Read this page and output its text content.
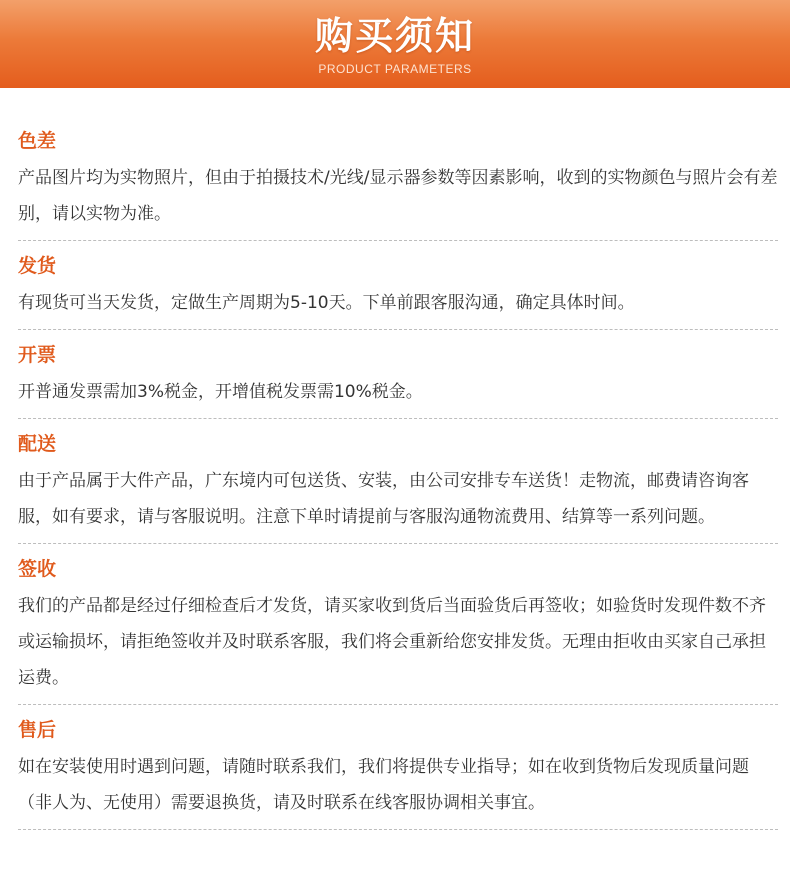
购买须知
PRODUCT PARAMETERS
色差
产品图片均为实物照片，但由于拍摄技术/光线/显示器参数等因素影响，收到的实物颜色与照片会有差别，请以实物为准。
发货
有现货可当天发货，定做生产周期为5-10天。下单前跟客服沟通，确定具体时间。
开票
开普通发票需加3%税金，开增值税发票需10%税金。
配送
由于产品属于大件产品，广东境内可包送货、安装，由公司安排专车送货！走物流，邮费请咨询客服，如有要求，请与客服说明。注意下单时请提前与客服沟通物流费用、结算等一系列问题。
签收
我们的产品都是经过仔细检查后才发货，请买家收到货后当面验货后再签收；如验货时发现件数不齐或运输损坏，请拒绝签收并及时联系客服，我们将会重新给您安排发货。无理由拒收由买家自己承担运费。
售后
如在安装使用时遇到问题，请随时联系我们，我们将提供专业指导；如在收到货物后发现质量问题（非人为、无使用）需要退换货，请及时联系在线客服协调相关事宜。
